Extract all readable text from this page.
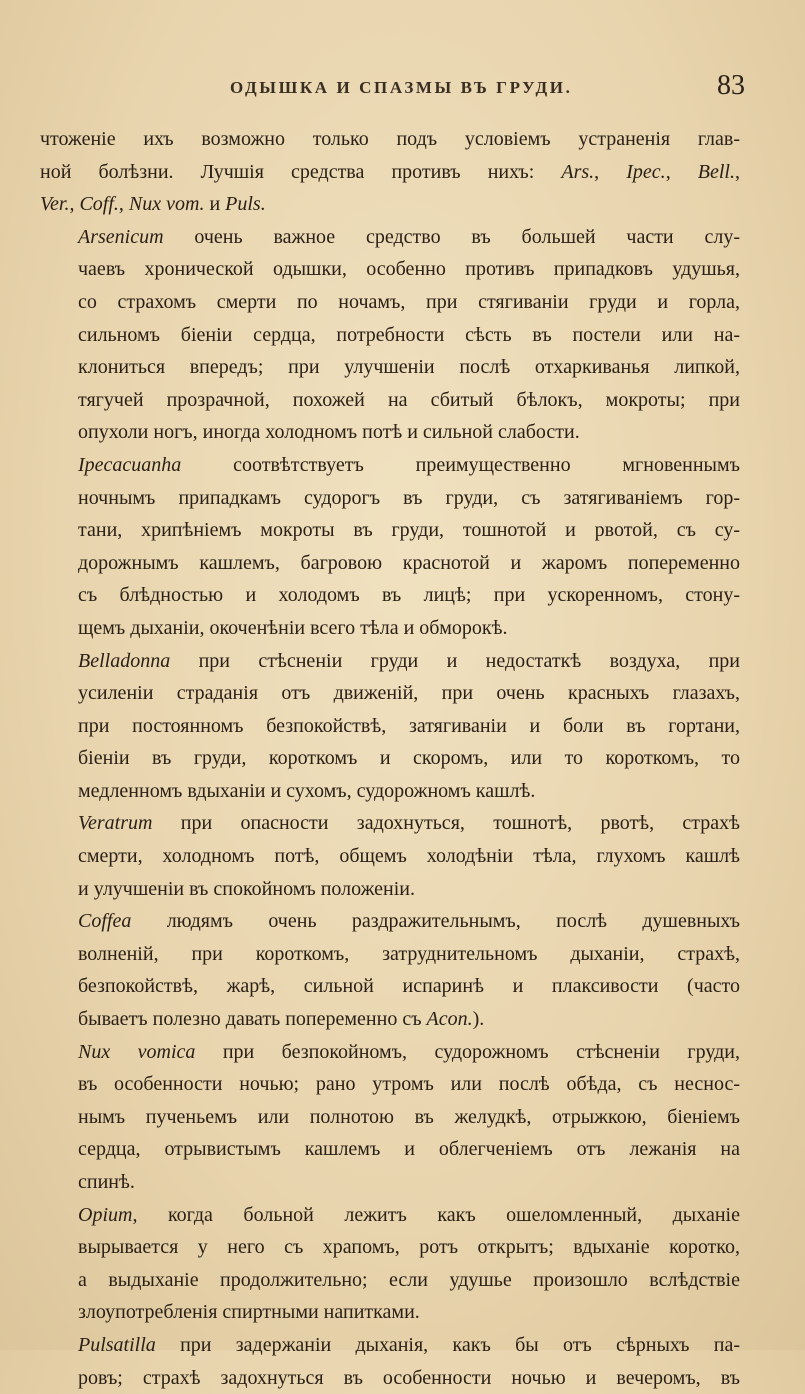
ОДЫШКА И СПАЗМЫ ВЪ ГРУДИ.	83

чтоженіе ихъ возможно только подъ условіемъ устраненія глав-
ной болѣзни. Лучшія средства противъ нихъ: Ars., Ipec., Bell.,
Ver., Coff., Nux vom. и Puls.

Arsenicum очень важное средство въ большей части слу-
чаевъ хронической одышки, особенно противъ припадковъ удушья,
со страхомъ смерти по ночамъ, при стягиваніи груди и горла,
сильномъ біеніи сердца, потребности сѣсть въ постели или на-
клониться впередъ; при улучшеніи послѣ отхаркиванья липкой,
тягучей прозрачной, похожей на сбитый бѣлокъ, мокроты; при
опухоли ногъ, иногда холодномъ потѣ и сильной слабости.

Ipecacuanha соотвѣтствуетъ преимущественно мгновеннымъ
ночнымъ припадкамъ судорогъ въ груди, съ затягиваніемъ гор-
тани, хрипѣніемъ мокроты въ груди, тошнотой и рвотой, съ су-
дорожнымъ кашлемъ, багровою краснотой и жаромъ попеременно
съ блѣдностью и холодомъ въ лицѣ; при ускоренномъ, стону-
щемъ дыханіи, окоченѣніи всего тѣла и обморокѣ.

Belladonna при стѣсненіи груди и недостаткѣ воздуха, при
усиленіи страданія отъ движеній, при очень красныхъ глазахъ,
при постоянномъ безпокойствѣ, затягиваніи и боли въ гортани,
біеніи въ груди, короткомъ и скоромъ, или то короткомъ, то
медленномъ вдыханіи и сухомъ, судорожномъ кашлѣ.

Veratrum при опасности задохнуться, тошнотѣ, рвотѣ, страхѣ
смерти, холодномъ потѣ, общемъ холодѣніи тѣла, глухомъ кашлѣ
и улучшеніи въ спокойномъ положеніи.

Coffea людямъ очень раздражительнымъ, послѣ душевныхъ
волненій, при короткомъ, затруднительномъ дыханіи, страхѣ,
безпокойствѣ, жарѣ, сильной испаринѣ и плаксивости (часто
бываетъ полезно давать попеременно съ Acon.).

Nux vomica при безпокойномъ, судорожномъ стѣсненіи груди,
въ особенности ночью; рано утромъ или послѣ обѣда, съ неснос-
нымъ пученьемъ или полнотою въ желудкѣ, отрыжкою, біеніемъ
сердца, отрывистымъ кашлемъ и облегченіемъ отъ лежанія на
спинѣ.

Opium, когда больной лежитъ какъ ошеломленный, дыханіе
вырывается у него съ храпомъ, ротъ открытъ; вдыханіе коротко,
а выдыханіе продолжительно; если удушье произошло вслѣдствіе
злоупотребленія спиртными напитками.

Pulsatilla при задержаніи дыханія, какъ бы отъ сѣрныхъ па-
ровъ; страхѣ задохнуться въ особенности ночью и вечеромъ, въ
